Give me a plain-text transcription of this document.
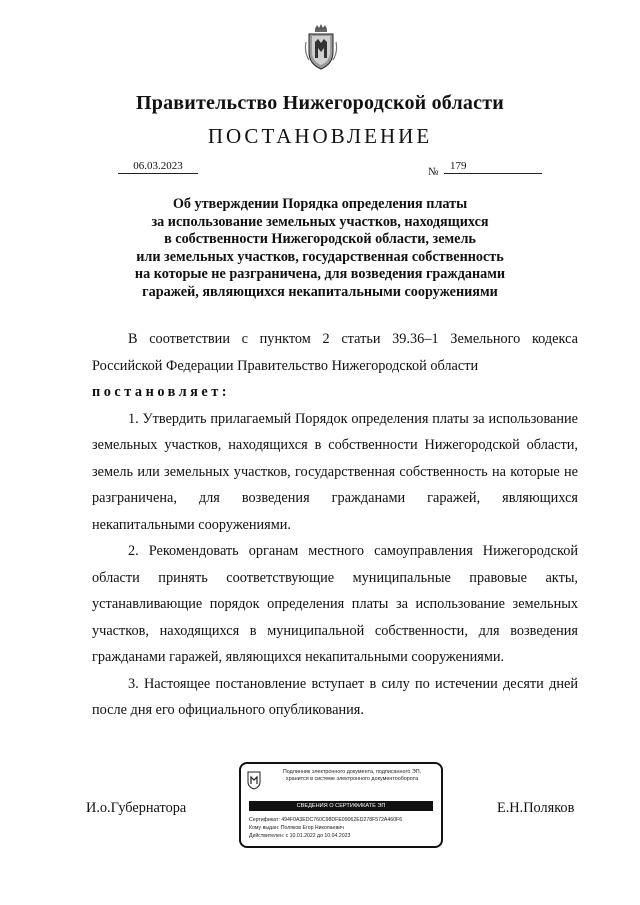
Правительство Нижегородской области
ПОСТАНОВЛЕНИЕ
06.03.2023	№	179
Об утверждении Порядка определения платы
за использование земельных участков, находящихся
в собственности Нижегородской области, земель
или земельных участков, государственная собственность
на которые не разграничена, для возведения гражданами
гаражей, являющихся некапитальными сооружениями

В соответствии с пунктом 2 статьи 39.36–1 Земельного кодекса Российской Федерации Правительство Нижегородской области

постановляет:

1. Утвердить прилагаемый Порядок определения платы за использование земельных участков, находящихся в собственности Нижегородской области, земель или земельных участков, государственная собственность на которые не разграничена, для возведения гражданами гаражей, являющихся некапитальными сооружениями.

2. Рекомендовать органам местного самоуправления Нижегородской области принять соответствующие муниципальные правовые акты, устанавливающие порядок определения платы за использование земельных участков, находящихся в муниципальной собственности, для возведения гражданами гаражей, являющихся некапитальными сооружениями.

3. Настоящее постановление вступает в силу по истечении десяти дней после дня его официального опубликования.

И.о.Губернатора	Е.Н.Поляков
Подлинник электронного документа, подписанного ЭП,
хранится в системе электронного документооборота
СВЕДЕНИЯ О СЕРТИФИКАТЕ ЭП
Сертификат: 494F0A3EDC760C98DFE09062ED278F572A460F6
Кому выдан: Поляков Егор Николаевич
Действителен: с 10.01.2022 до 10.04.2023
